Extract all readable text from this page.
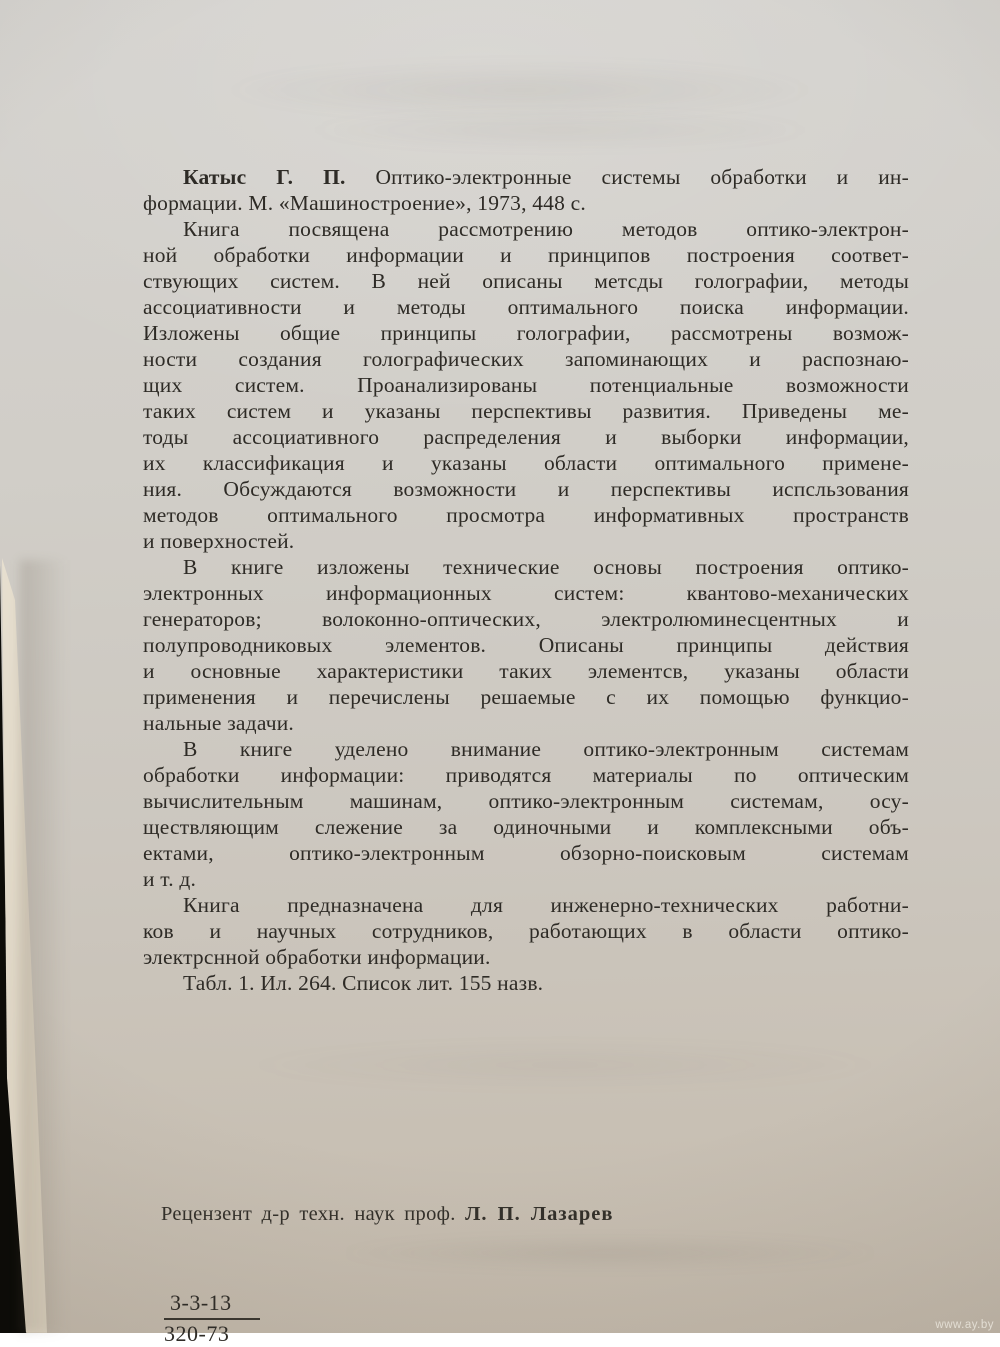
Катыс Г. П. Оптико-электронные системы обработки и ин-
формации. М. «Машиностроение», 1973, 448 с.
Книга посвящена рассмотрению методов оптико-электрон-
ной обработки информации и принципов построения соответ-
ствующих систем. В ней описаны метсды голографии, методы
ассоциативности и методы оптимального поиска информации.
Изложены общие принципы голографии, рассмотрены возмож-
ности создания голографических запоминающих и распознаю-
щих систем. Проанализированы потенциальные возможности
таких систем и указаны перспективы развития. Приведены ме-
тоды ассоциативного распределения и выборки информации,
их классификация и указаны области оптимального примене-
ния. Обсуждаются возможности и перспективы испсльзования
методов оптимального просмотра информативных пространств
и поверхностей.
В книге изложены технические основы построения оптико-
электронных информационных систем: квантово-механических
генераторов; волоконно-оптических, электролюминесцентных и
полупроводниковых элементов. Описаны принципы действия
и основные характеристики таких элементсв, указаны области
применения и перечислены решаемые с их помощью функцио-
нальные задачи.
В книге уделено внимание оптико-электронным системам
обработки информации: приводятся материалы по оптическим
вычислительным машинам, оптико-электронным системам, осу-
ществляющим слежение за одиночными и комплексными объ-
ектами, оптико-электронным обзорно-поисковым системам
и т. д.
Книга предназначена для инженерно-технических работни-
ков и научных сотрудников, работающих в области оптико-
электрснной обработки информации.
Табл. 1. Ил. 264. Список лит. 155 назв.
Рецензент д-р техн. наук проф. Л. П. Лазарев
3-3-13
320-73	www.ay.by
